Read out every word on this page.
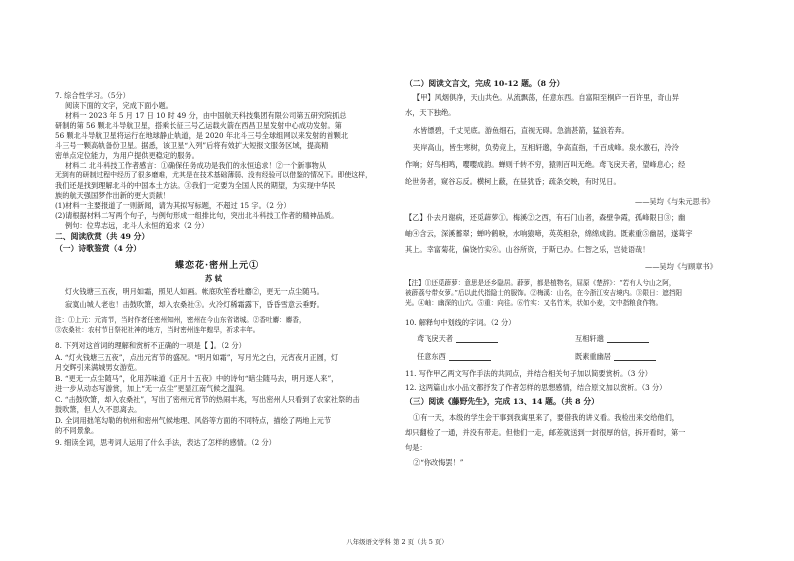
7. 综合性学习。（5分）
阅读下面的文字，完成下面小题。
材料一 2023 年 5 月 17 日 10 时 49 分，由中国航天科技集团有限公司第五研究院抓总
研制的第 56 颗北斗导航卫星，搭乘长征三号乙运载火箭在西昌卫星发射中心成功发射。第
56 颗北斗导航卫星将运行在地球静止轨道，是 2020 年北斗三号全球组网以来发射的首颗北
斗三号一颗高轨备份卫星。据悉，该卫星“入列”后将有效扩大短报文服务区域，提高精
密单点定位能力，为用户提供更稳定的服务。
材料二 北斗科技工作者感言：①确保任务成功是我们的永恒追求！②一个新事物从
无到有的研制过程中经历了很多磨难，尤其是在技术基础薄弱、没有经验可以借鉴的情况下。即使这样，
我们还是找到理解北斗的中国本土方法。③我们一定要为全国人民的期望，为实现中华民
族的航天强国梦作出新的更大贡献！
(1)材料一主要报道了一则新闻，请为其拟写标题，不超过 15 字。（2 分）
(2)请根据材料二写两个句子，与例句形成一组排比句，突出北斗科技工作者的精神品质。
例句：位卑志远，北斗人永恒的追求（2 分）
二、阅读欣赏（共 49 分）
（一）诗歌鉴赏（4 分）
蝶恋花·密州上元①
苏 轼
灯火钱塘三五夜，明月如霜，照见人如画。帐底吹笙香吐麝②，更无一点尘随马。
寂寞山城人老也！击鼓吹箫，却入农桑社③。火冷灯稀霜露下，昏昏雪意云垂野。
注：①上元：元宵节，当时作者任密州知州，密州在今山东省诸城。②香吐麝：麝香，
③农桑社：农村节日祭祀社神的地方，当时密州连年蝗旱，祈求丰年。
8. 下列对这首词的理解和赏析不正确的一项是【 】。（2 分）
A. “灯火钱塘三五夜”，点出元宵节的盛况。“明月如霜”，写月光之白，元宵夜月正圆，灯
月交辉引来满城男女游览。
B. “更无一点尘随马”，化用苏味道《正月十五夜》中的诗句“暗尘随马去，明月逐人来”，
进一步从动态写游赏，加上“无一点尘”更显江南气候之温润。
C. “击鼓吹箫，却入农桑社”，写出了密州元宵节的热闹丰兆，写出密州人只看到了农家社祭的击
鼓吹箫，但人久不思离去。
D. 全词用拙笔勾勒的杭州和密州气候地理、风俗等方面的不同特点，描绘了两地上元节
的不同景象。
9. 细读全词，思考词人运用了什么手法，表达了怎样的感情。（2 分）
（二）阅读文言文，完成 10-12 题。（8 分）
【甲】风烟俱净，天山共色。从流飘荡，任意东西。自富阳至桐庐一百许里，奇山异
水，天下独绝。
水皆缥碧，千丈见底。游鱼细石，直视无碍。急湍甚箭，猛浪若奔。
夹岸高山，皆生寒树，负势竞上，互相轩邈，争高直指，千百成峰。泉水激石，泠泠
作响；好鸟相鸣，嘤嘤成韵。蝉则千转不穷，猿则百叫无绝。鸢飞戾天者，望峰息心；经
纶世务者，窥谷忘反。横柯上蔽，在昼犹昏；疏条交映，有时见日。
——吴均《与朱元思书》
【乙】仆去月谢病，还觅薜萝①。梅溪②之西，有石门山者，森壁争霞，孤峰限日③；幽
岫④含云，深溪蓄翠；蝉吟鹤唳，水响猿啼，英英相杂，绵绵成韵。既素重⑤幽居，遂葺宇
其上。幸富菊花，偏饶竹实⑥。山谷所资，于斯已办。仁智之乐，岂徒语哉！
——吴均《与顾章书》
【注】①还觅薜萝：意思是还乡隐居。薜萝，都是植物名，屈原《楚辞》：“若有人兮山之阿，
被薜荔兮带女萝。”后以此代指隐士的服饰。②梅溪：山名，在今浙江安吉境内。③限日：遮挡阳
光。④岫：幽深的山穴。⑤重：向往。⑥竹实：又名竹米，状如小麦，文中指粮食作物。
10. 解释句中划线的字词。（2 分）
鸢飞戾天者	互相轩邈
任意东西	既素重幽居
11. 写作甲乙两文写作手法的共同点，并结合相关句子加以简要赏析。（3 分）
12. 这两篇山水小品文都抒发了作者怎样的思想感情，结合原文加以赏析。（3 分）
（三）阅读《藤野先生》，完成 13、14 题。（共 8 分）
①有一天，本级的学生会干事到我寓里来了，要借我的讲义看。我检出来交给他们，
却只翻检了一通，并没有带走。但他们一走，邮差就送到一封很厚的信，拆开看时，第一
句是：
②“你改悔罢！”
八年级语文学科 第 2 页（共 5 页）
